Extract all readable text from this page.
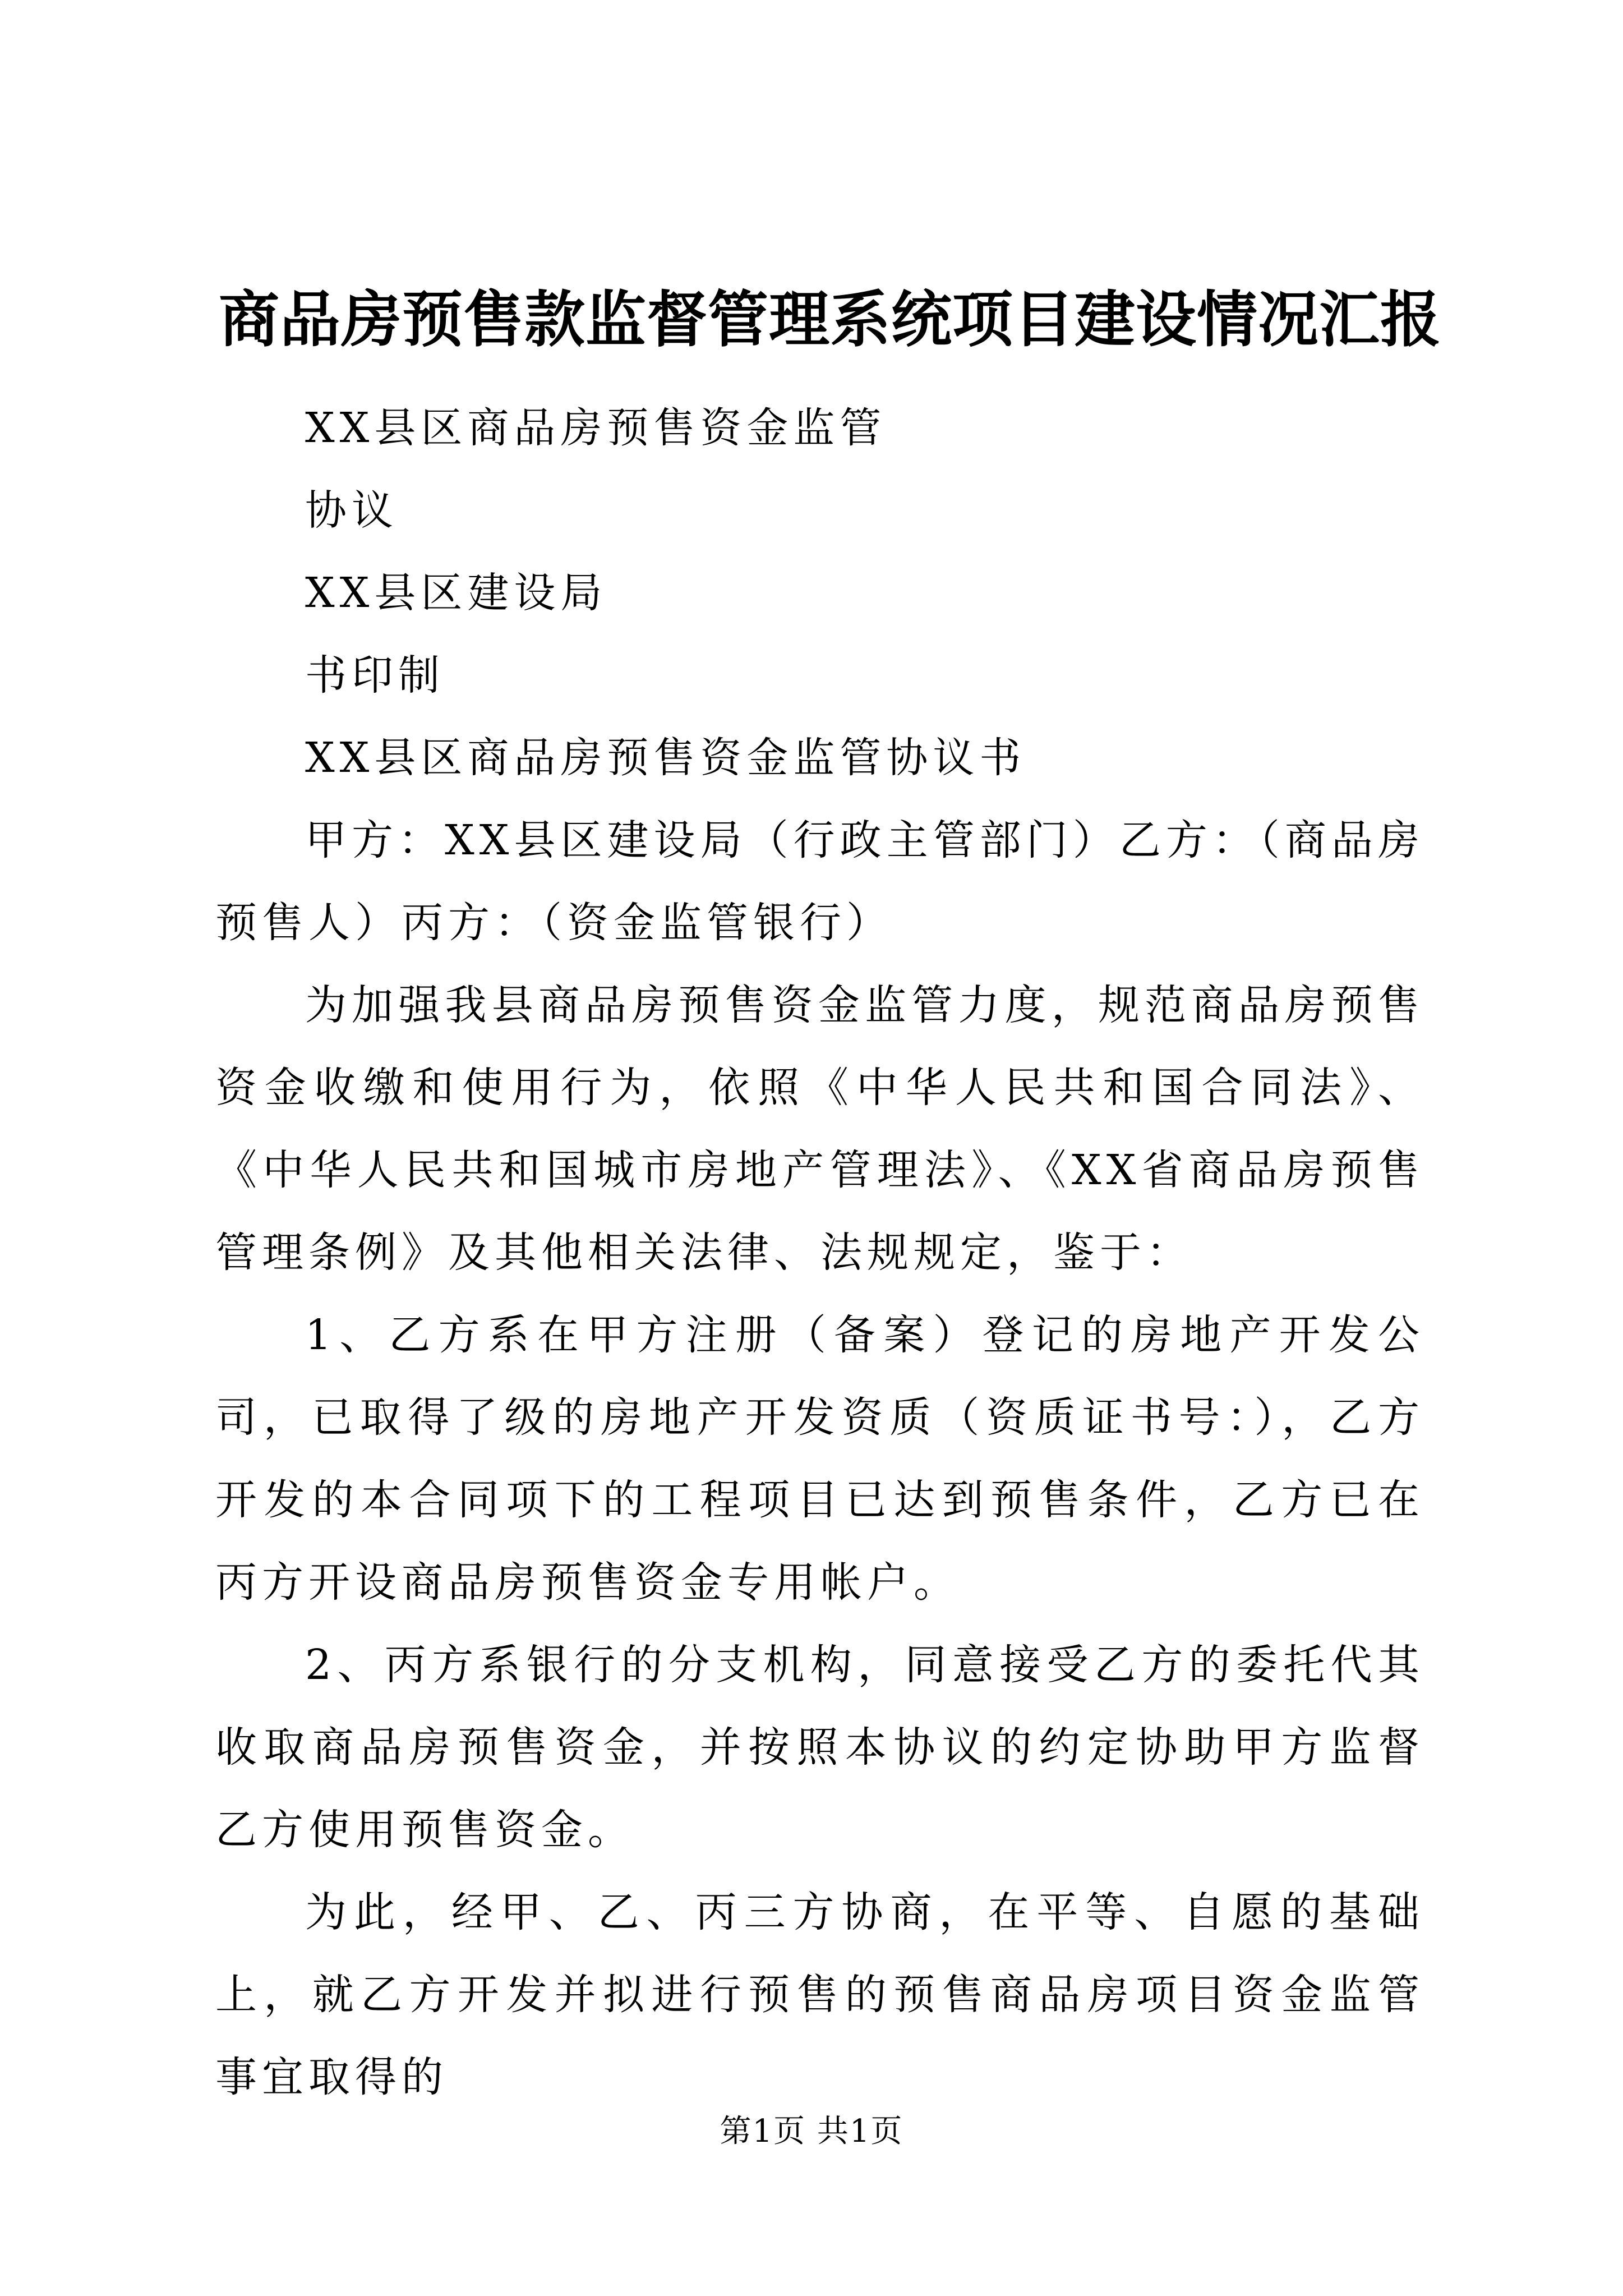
商品房预售款监督管理系统项目建设情况汇报

XX县区商品房预售资金监管

协议

XX县区建设局

书印制

XX县区商品房预售资金监管协议书

甲方：XX县区建设局（行政主管部门）乙方：（商品房预售人）丙方：（资金监管银行）

为加强我县商品房预售资金监管力度，规范商品房预售资金收缴和使用行为，依照《中华人民共和国合同法》、《中华人民共和国城市房地产管理法》、《XX省商品房预售管理条例》及其他相关法律、法规规定，鉴于：

1、乙方系在甲方注册（备案）登记的房地产开发公司，已取得了级的房地产开发资质（资质证书号：），乙方开发的本合同项下的工程项目已达到预售条件，乙方已在丙方开设商品房预售资金专用帐户。

2、丙方系银行的分支机构，同意接受乙方的委托代其收取商品房预售资金，并按照本协议的约定协助甲方监督乙方使用预售资金。

为此，经甲、乙、丙三方协商，在平等、自愿的基础上，就乙方开发并拟进行预售的预售商品房项目资金监管事宜取得的

第1页 共1页
